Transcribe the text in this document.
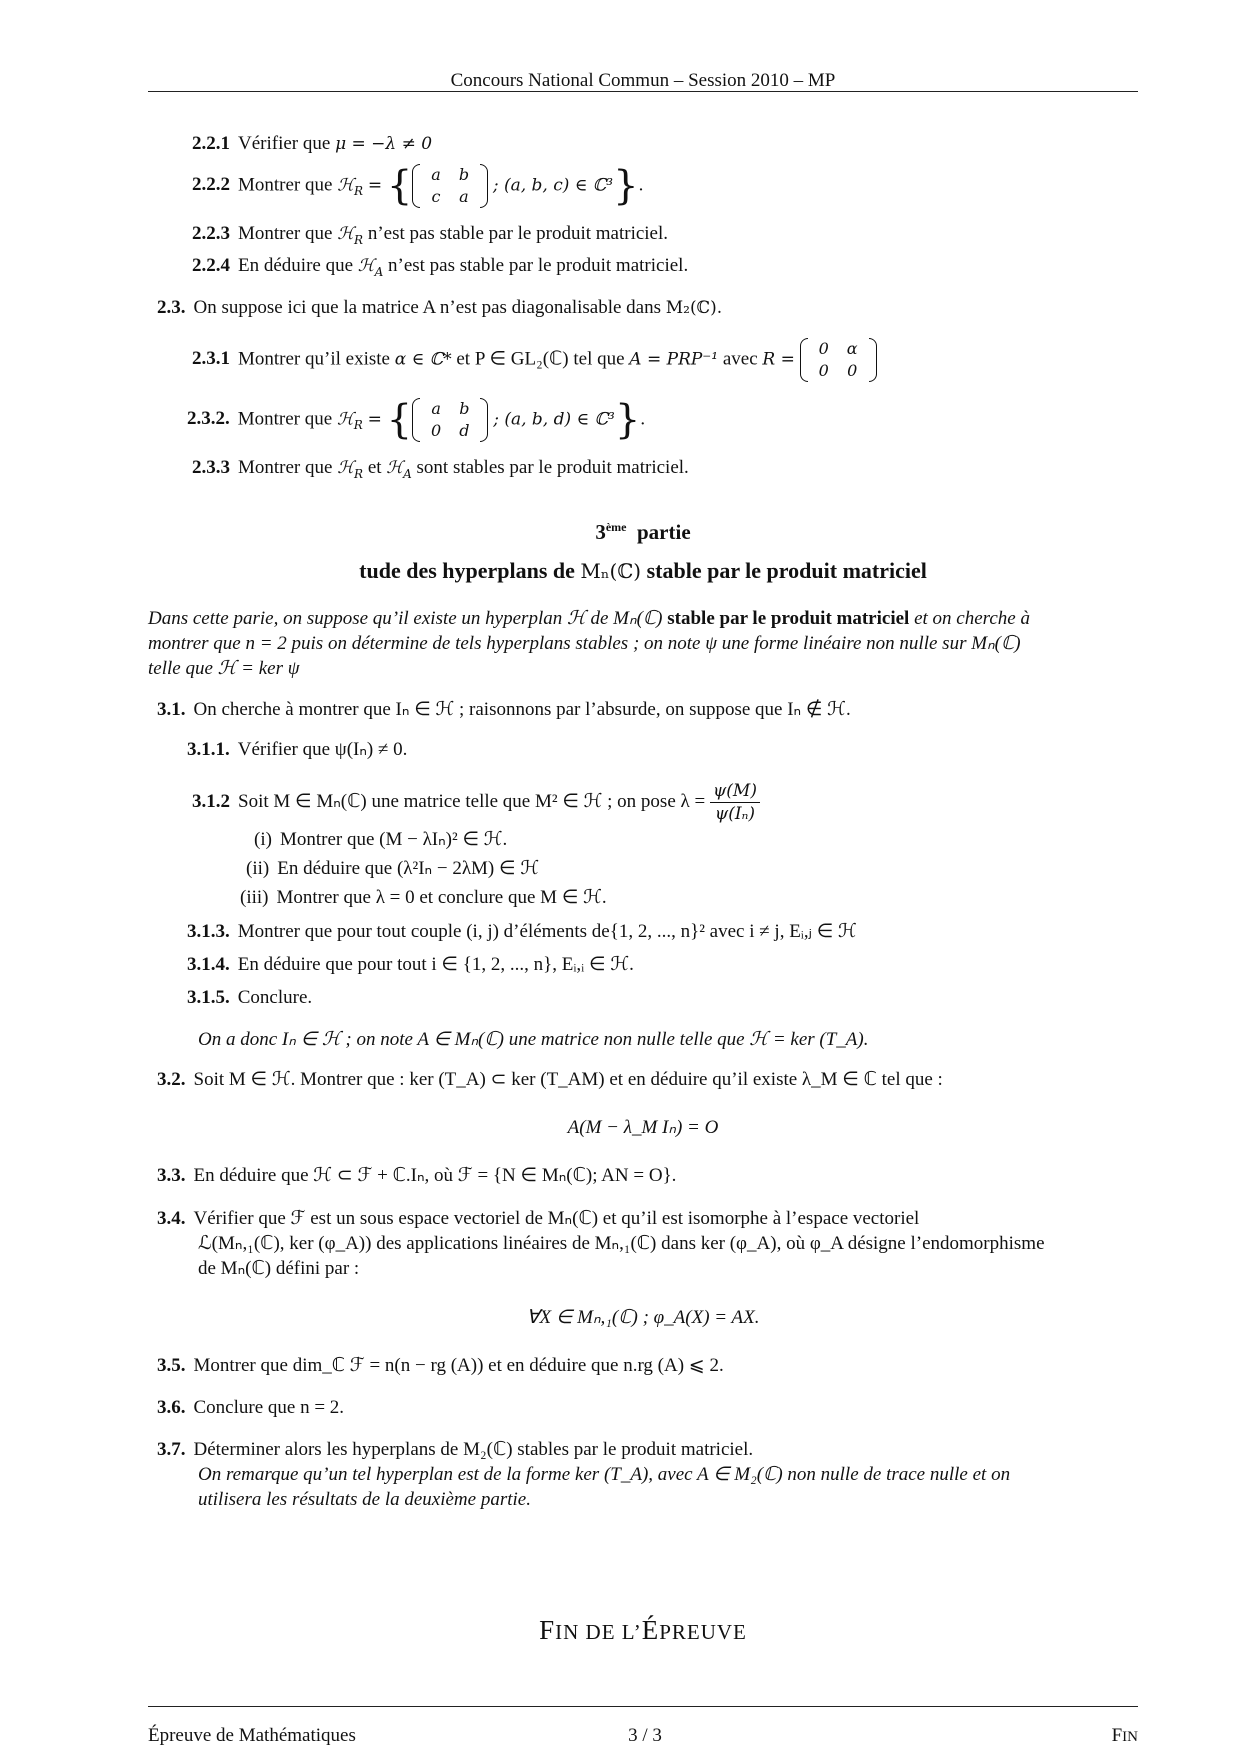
Concours National Commun – Session 2010 – MP
2.2.1 Vérifier que μ = −λ ≠ 0
2.2.2 Montrer que ℋ$_R$ = { a	b
c	a
; (a, b, c) ∈ ℂ³}.
2.2.3 Montrer que ℋ$_R$ n’est pas stable par le produit matriciel.
2.2.4 En déduire que ℋ$_A$ n’est pas stable par le produit matriciel.
2.3. On suppose ici que la matrice A n’est pas diagonalisable dans M₂(ℂ).
2.3.1 Montrer qu’il existe α ∈ ℂ* et P ∈ GL₂(ℂ) tel que A = PRP⁻¹ avec R =
0	α
0	0
2.3.2. Montrer que ℋ$_R$ = { a	b
0	d
; (a, b, d) ∈ ℂ³}.
2.3.3 Montrer que ℋ$_R$ et ℋ$_A$ sont stables par le produit matriciel.
3ème partie
tude des hyperplans de Mₙ(ℂ) stable par le produit matriciel
Dans cette parie, on suppose qu’il existe un hyperplan ℋ de Mₙ(ℂ) stable par le produit matriciel et on cherche à
montrer que n = 2 puis on détermine de tels hyperplans stables ; on note ψ une forme linéaire non nulle sur Mₙ(ℂ)
telle que ℋ = ker ψ
3.1. On cherche à montrer que Iₙ ∈ ℋ ; raisonnons par l’absurde, on suppose que Iₙ ∉ ℋ.
3.1.1. Vérifier que ψ(Iₙ) ≠ 0.
3.1.2 Soit M ∈ Mₙ(ℂ) une matrice telle que M² ∈ ℋ ; on pose $\lambda = \frac{\psi(M)}{\text{ψ(Iₙ)}}$
(i) Montrer que (M − λIₙ)² ∈ ℋ.
(ii) En déduire que (λ²Iₙ − 2λM) ∈ ℋ
(iii) Montrer que λ = 0 et conclure que M ∈ ℋ.
3.1.3. Montrer que pour tout couple (i, j) d’éléments de{1, 2, ..., n}² avec i ≠ j, Eᵢ,ⱼ ∈ ℋ
3.1.4. En déduire que pour tout i ∈ {1, 2, ..., n}, Eᵢ,ᵢ ∈ ℋ.
3.1.5. Conclure.
On a donc Iₙ ∈ ℋ ; on note A ∈ Mₙ(ℂ) une matrice non nulle telle que ℋ = ker (T_A).
3.2. Soit M ∈ ℋ. Montrer que : ker (T_A) ⊂ ker (T_AM) et en déduire qu’il existe λ_M ∈ ℂ tel que :
A(M − λ_M Iₙ) = O
3.3. En déduire que ℋ ⊂ ℱ + ℂ.Iₙ, où ℱ = {N ∈ Mₙ(ℂ); AN = O}.
3.4. Vérifier que ℱ est un sous espace vectoriel de Mₙ(ℂ) et qu’il est isomorphe à l’espace vectoriel
ℒ(Mₙ,₁(ℂ), ker (φ_A)) des applications linéaires de Mₙ,₁(ℂ) dans ker (φ_A), où φ_A désigne l’endomorphisme
de Mₙ(ℂ) défini par :
∀X ∈ Mₙ,₁(ℂ) ; φ_A(X) = AX.
3.5. Montrer que dim_ℂ ℱ = n(n − rg (A)) et en déduire que n.rg (A) ⩽ 2.
3.6. Conclure que n = 2.
3.7. Déterminer alors les hyperplans de M₂(ℂ) stables par le produit matriciel.
On remarque qu’un tel hyperplan est de la forme ker (T_A), avec A ∈ M₂(ℂ) non nulle de trace nulle et on
utilisera les résultats de la deuxième partie.
FIN DE L’ÉPREUVE
Épreuve de Mathématiques	3 / 3	FIN
